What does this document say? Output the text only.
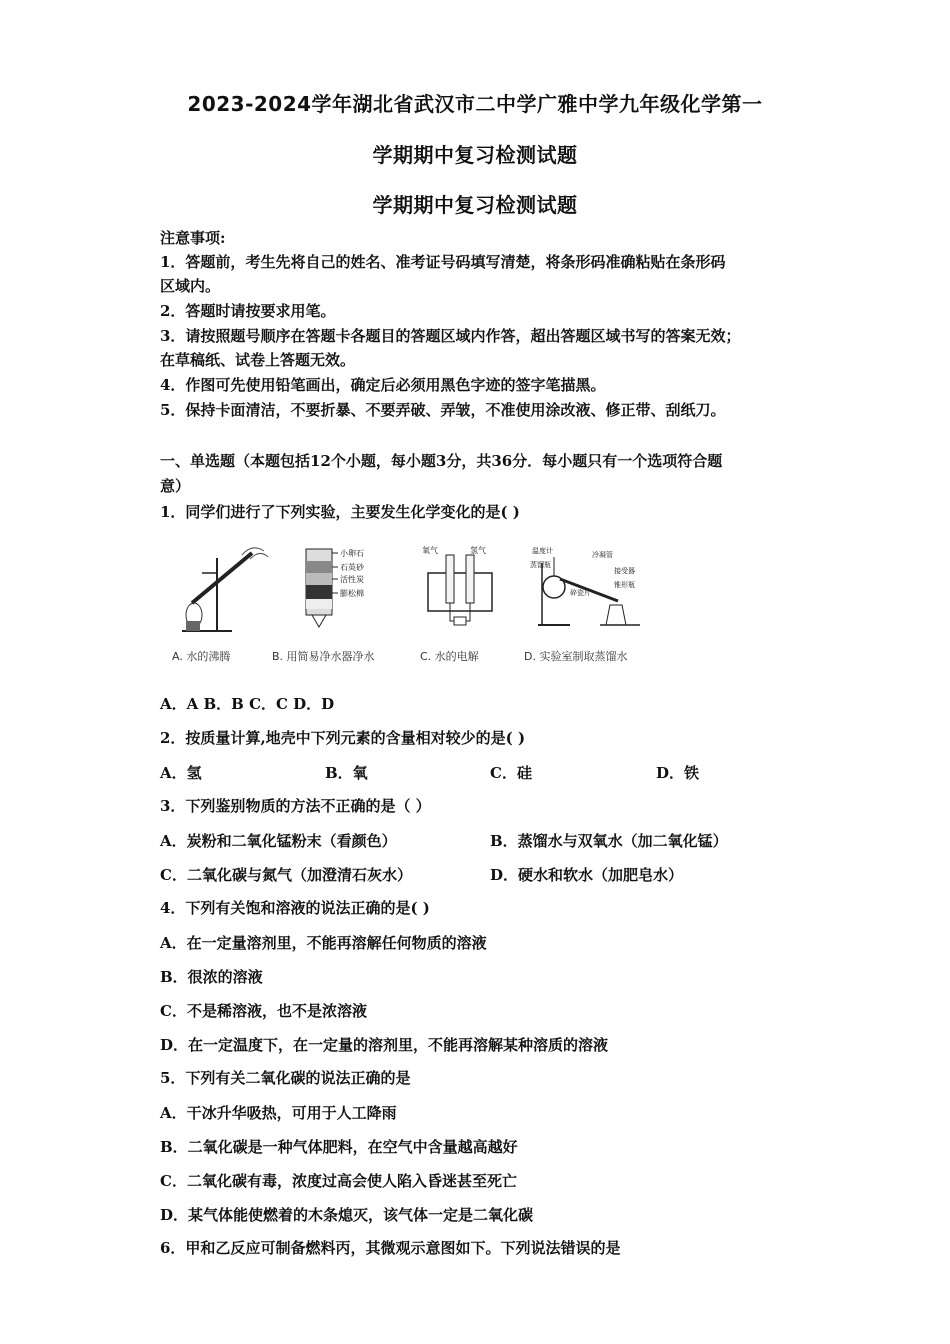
2023-2024学年湖北省武汉市二中学广雅中学九年级化学第一
学期期中复习检测试题
学期期中复习检测试题
注意事项:
1．答题前，考生先将自己的姓名、准考证号码填写清楚，将条形码准确粘贴在条形码
区域内。
2．答题时请按要求用笔。
3．请按照题号顺序在答题卡各题目的答题区域内作答，超出答题区域书写的答案无效；
在草稿纸、试卷上答题无效。
4．作图可先使用铅笔画出，确定后必须用黑色字迹的签字笔描黑。
5．保持卡面清洁，不要折暴、不要弄破、弄皱，不准使用涂改液、修正带、刮纸刀。
一、单选题（本题包括12个小题，每小题3分，共36分．每小题只有一个选项符合题
意）
1．同学们进行了下列实验，主要发生化学变化的是( )
A. 水的沸腾
小卵石
石英砂
活性炭
膨松棉
B. 用简易净水器净水
氧气	氢气
C. 水的电解
温度计
蒸馏瓶
冷凝管
碎瓷片
接受器
锥形瓶
D. 实验室制取蒸馏水
A．A B．B C．C D．D
2．按质量计算,地壳中下列元素的含量相对较少的是( )
A．氢	B．氧	C．硅	D．铁
3．下列鉴别物质的方法不正确的是（ ）
A．炭粉和二氧化锰粉末（看颜色）	B．蒸馏水与双氧水（加二氧化锰）
C．二氧化碳与氮气（加澄清石灰水）	D．硬水和软水（加肥皂水）
4．下列有关饱和溶液的说法正确的是( )
A．在一定量溶剂里，不能再溶解任何物质的溶液
B．很浓的溶液
C．不是稀溶液，也不是浓溶液
D．在一定温度下，在一定量的溶剂里，不能再溶解某种溶质的溶液
5．下列有关二氧化碳的说法正确的是
A．干冰升华吸热，可用于人工降雨
B．二氧化碳是一种气体肥料，在空气中含量越高越好
C．二氧化碳有毒，浓度过高会使人陷入昏迷甚至死亡
D．某气体能使燃着的木条熄灭，该气体一定是二氧化碳
6．甲和乙反应可制备燃料丙，其微观示意图如下。下列说法错误的是
